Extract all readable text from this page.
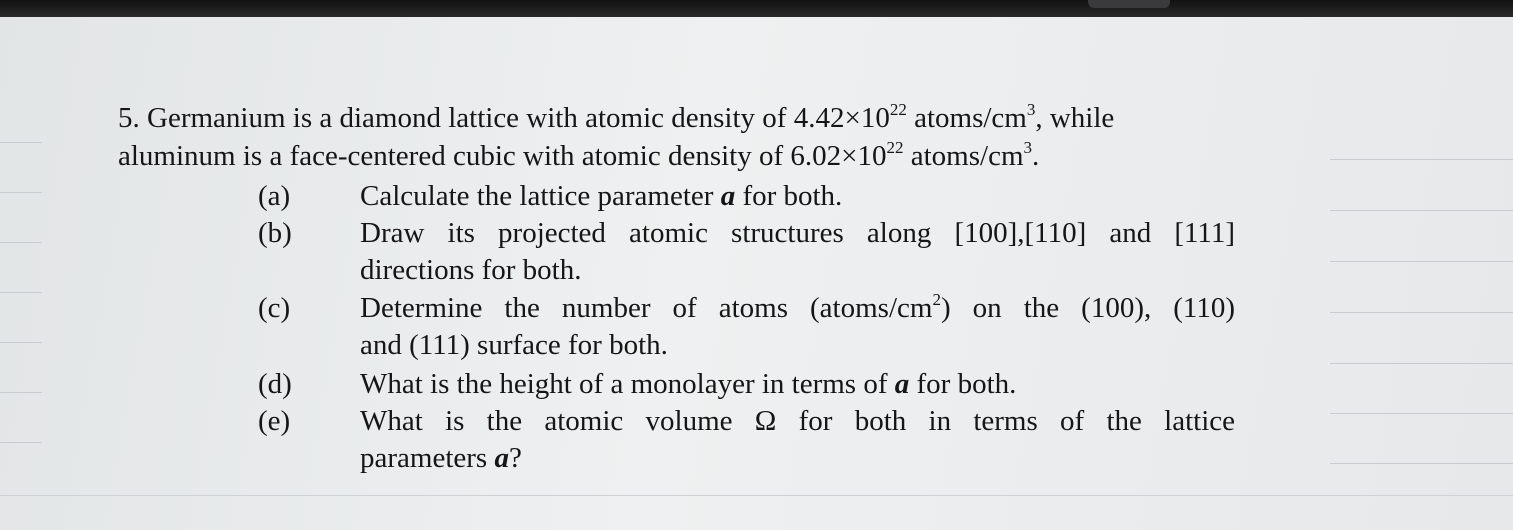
5. Germanium is a diamond lattice with atomic density of $4.42\times 10^{22}$ atoms/$cm^3$, while
aluminum is a face-centered cubic with atomic density of $6.02\times 10^{22}$ atoms/$cm^3$.
(a)	Calculate the lattice parameter a for both.
(b)	Draw its projected atomic structures along [100],[110] and [111]
directions for both.
(c)	Determine the number of atoms $(atoms/cm^2)$ on the (100), (110)
and (111) surface for both.
(d)	What is the height of a monolayer in terms of a for both.
(e)	What is the atomic volume Ω for both in terms of the lattice
parameters a?
